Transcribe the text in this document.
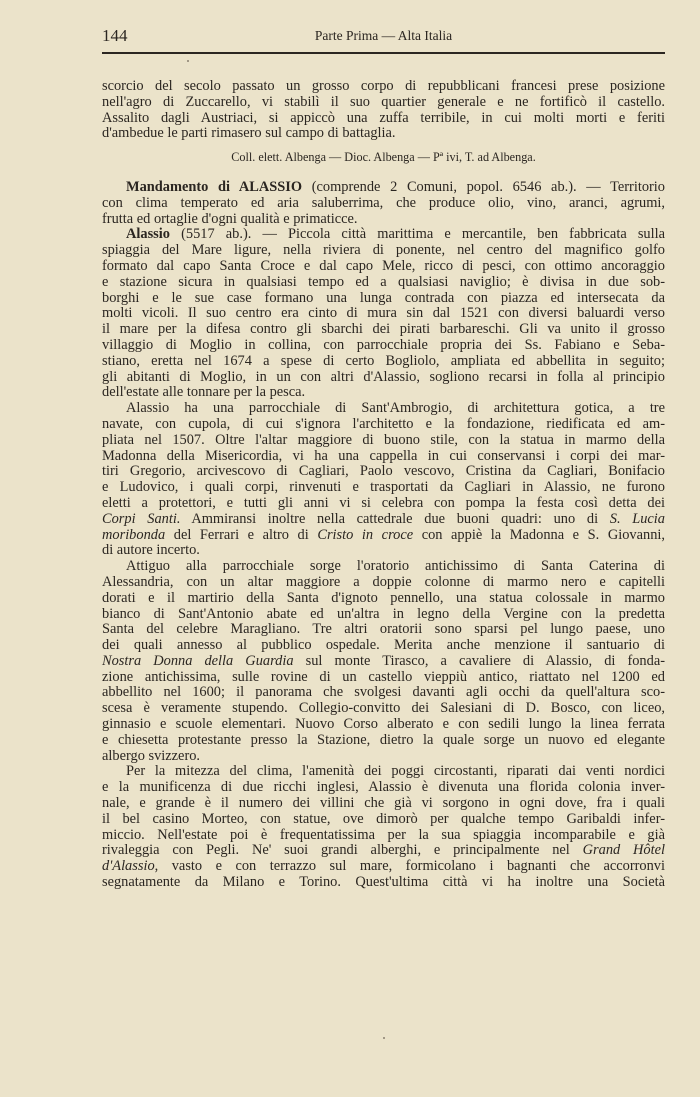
144	Parte Prima — Alta Italia
scorcio del secolo passato un grosso corpo di repubblicani francesi prese posizione
nell'agro di Zuccarello, vi stabilì il suo quartier generale e ne fortificò il castello.
Assalito dagli Austriaci, si appiccò una zuffa terribile, in cui molti morti e feriti
d'ambedue le parti rimasero sul campo di battaglia.
Coll. elett. Albenga — Dioc. Albenga — Pª ivi, T. ad Albenga.
Mandamento di ALASSIO (comprende 2 Comuni, popol. 6546 ab.). — Territorio
con clima temperato ed aria saluberrima, che produce olio, vino, aranci, agrumi,
frutta ed ortaglie d'ogni qualità e primaticce.
Alassio (5517 ab.). — Piccola città marittima e mercantile, ben fabbricata sulla
spiaggia del Mare ligure, nella riviera di ponente, nel centro del magnifico golfo
formato dal capo Santa Croce e dal capo Mele, ricco di pesci, con ottimo ancoraggio
e stazione sicura in qualsiasi tempo ed a qualsiasi naviglio; è divisa in due sob-
borghi e le sue case formano una lunga contrada con piazza ed intersecata da
molti vicoli. Il suo centro era cinto di mura sin dal 1521 con diversi baluardi verso
il mare per la difesa contro gli sbarchi dei pirati barbareschi. Gli va unito il grosso
villaggio di Moglio in collina, con parrocchiale propria dei Ss. Fabiano e Seba-
stiano, eretta nel 1674 a spese di certo Bogliolo, ampliata ed abbellita in seguito;
gli abitanti di Moglio, in un con altri d'Alassio, sogliono recarsi in folla al principio
dell'estate alle tonnare per la pesca.
Alassio ha una parrocchiale di Sant'Ambrogio, di architettura gotica, a tre
navate, con cupola, di cui s'ignora l'architetto e la fondazione, riedificata ed am-
pliata nel 1507. Oltre l'altar maggiore di buono stile, con la statua in marmo della
Madonna della Misericordia, vi ha una cappella in cui conservansi i corpi dei mar-
tiri Gregorio, arcivescovo di Cagliari, Paolo vescovo, Cristina da Cagliari, Bonifacio
e Ludovico, i quali corpi, rinvenuti e trasportati da Cagliari in Alassio, ne furono
eletti a protettori, e tutti gli anni vi si celebra con pompa la festa così detta dei
Corpi Santi. Ammiransi inoltre nella cattedrale due buoni quadri: uno di S. Lucia
moribonda del Ferrari e altro di Cristo in croce con appiè la Madonna e S. Giovanni,
di autore incerto.
Attiguo alla parrocchiale sorge l'oratorio antichissimo di Santa Caterina di
Alessandria, con un altar maggiore a doppie colonne di marmo nero e capitelli
dorati e il martirio della Santa d'ignoto pennello, una statua colossale in marmo
bianco di Sant'Antonio abate ed un'altra in legno della Vergine con la predetta
Santa del celebre Maragliano. Tre altri oratorii sono sparsi pel lungo paese, uno
dei quali annesso al pubblico ospedale. Merita anche menzione il santuario di
Nostra Donna della Guardia sul monte Tirasco, a cavaliere di Alassio, di fonda-
zione antichissima, sulle rovine di un castello vieppiù antico, riattato nel 1200 ed
abbellito nel 1600; il panorama che svolgesi davanti agli occhi da quell'altura sco-
scesa è veramente stupendo. Collegio-convitto dei Salesiani di D. Bosco, con liceo,
ginnasio e scuole elementari. Nuovo Corso alberato e con sedili lungo la linea ferrata
e chiesetta protestante presso la Stazione, dietro la quale sorge un nuovo ed elegante
albergo svizzero.
Per la mitezza del clima, l'amenità dei poggi circostanti, riparati dai venti nordici
e la munificenza di due ricchi inglesi, Alassio è divenuta una florida colonia inver-
nale, e grande è il numero dei villini che già vi sorgono in ogni dove, fra i quali
il bel casino Morteo, con statue, ove dimorò per qualche tempo Garibaldi infer-
miccio. Nell'estate poi è frequentatissima per la sua spiaggia incomparabile e già
rivaleggia con Pegli. Ne' suoi grandi alberghi, e principalmente nel Grand Hôtel
d'Alassio, vasto e con terrazzo sul mare, formicolano i bagnanti che accorronvi
segnatamente da Milano e Torino. Quest'ultima città vi ha inoltre una Società
